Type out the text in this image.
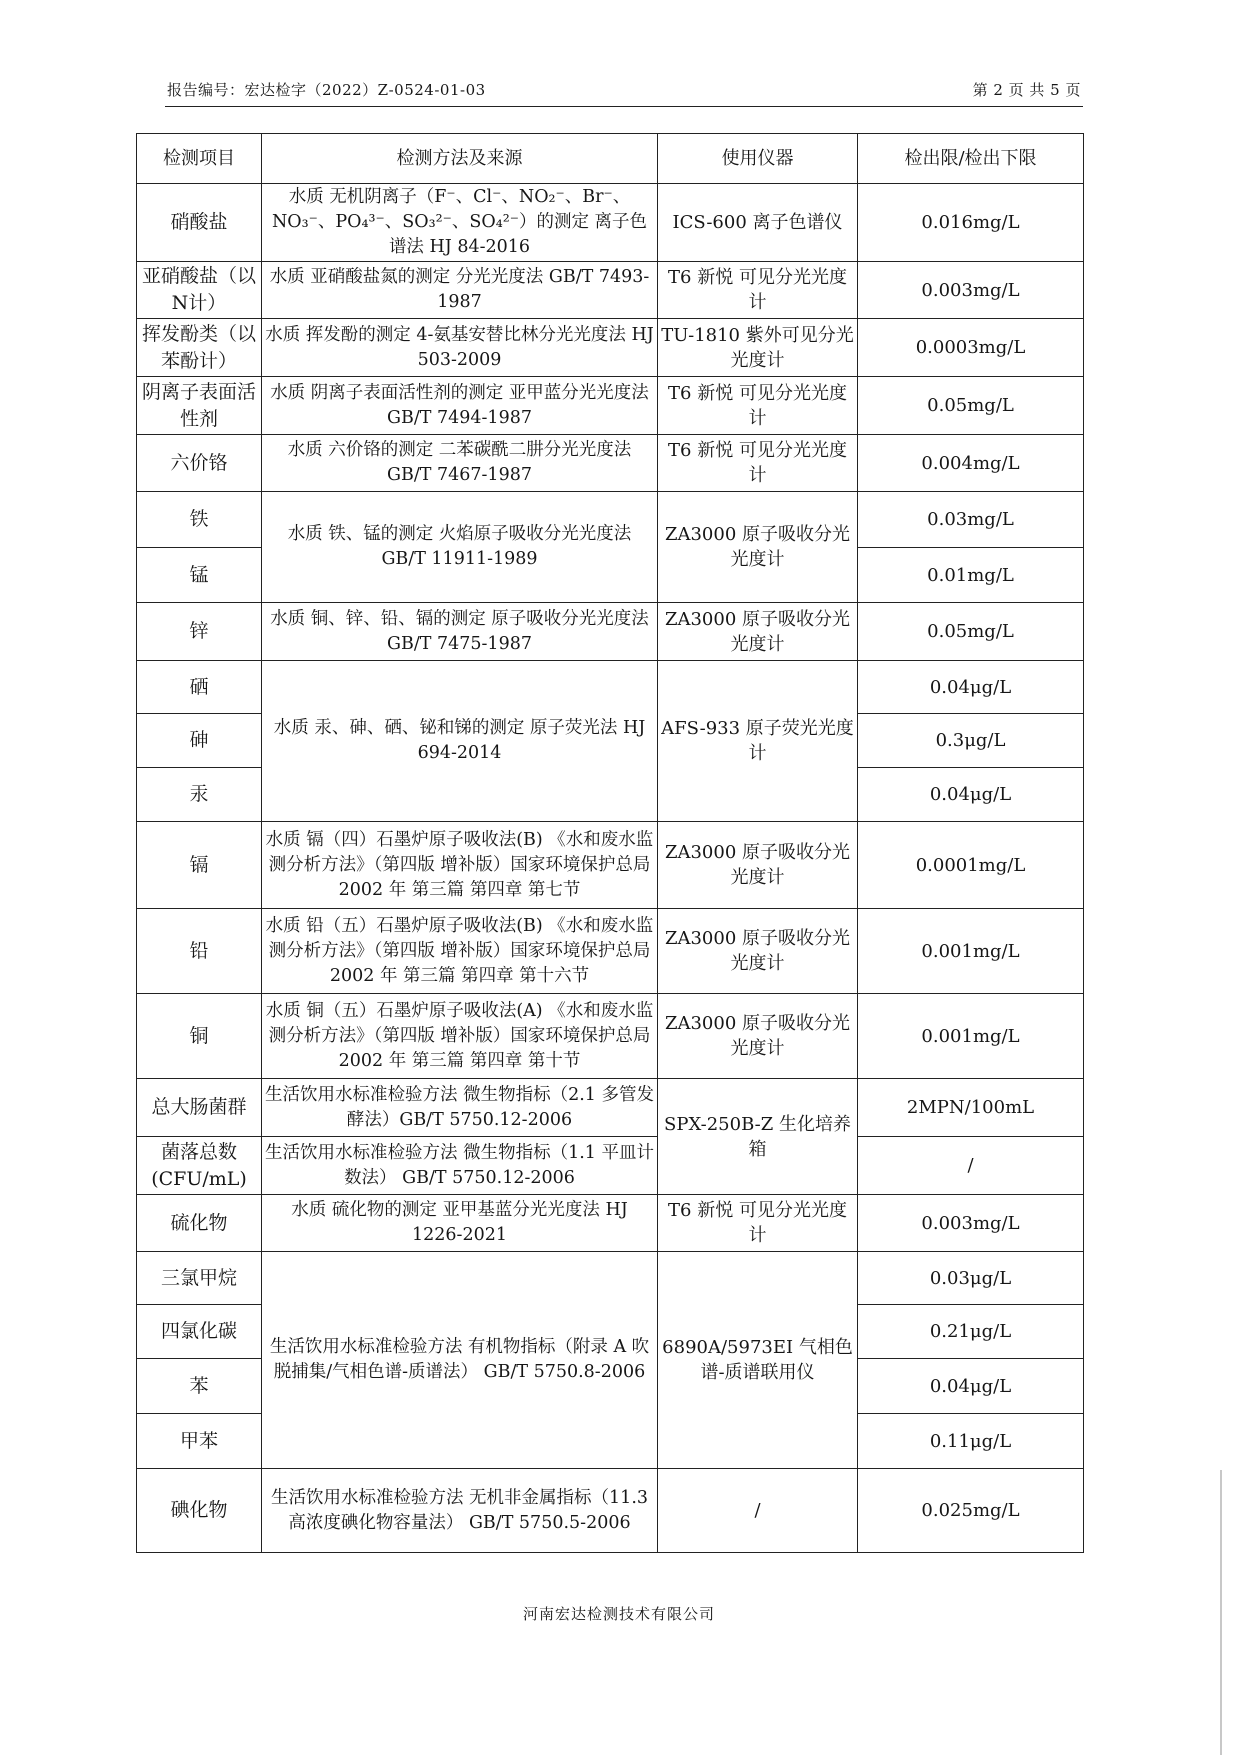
报告编号：宏达检字（2022）Z-0524-01-03	第 2 页 共 5 页
检测项目	检测方法及来源	使用仪器	检出限/检出下限
硝酸盐	水质 无机阴离子（F⁻、Cl⁻、NO₂⁻、Br⁻、NO₃⁻、PO₄³⁻、SO₃²⁻、SO₄²⁻）的测定 离子色谱法 HJ 84-2016	ICS-600 离子色谱仪	0.016mg/L
亚硝酸盐（以N计）	水质 亚硝酸盐氮的测定 分光光度法 GB/T 7493-1987	T6 新悦 可见分光光度计	0.003mg/L
挥发酚类（以苯酚计）	水质 挥发酚的测定 4-氨基安替比林分光光度法 HJ 503-2009	TU-1810 紫外可见分光光度计	0.0003mg/L
阴离子表面活性剂	水质 阴离子表面活性剂的测定 亚甲蓝分光光度法 GB/T 7494-1987	T6 新悦 可见分光光度计	0.05mg/L
六价铬	水质 六价铬的测定 二苯碳酰二肼分光光度法 GB/T 7467-1987	T6 新悦 可见分光光度计	0.004mg/L
铁	水质 铁、锰的测定 火焰原子吸收分光光度法 GB/T 11911-1989	ZA3000 原子吸收分光光度计	0.03mg/L
锰			0.01mg/L
锌	水质 铜、锌、铅、镉的测定 原子吸收分光光度法 GB/T 7475-1987	ZA3000 原子吸收分光光度计	0.05mg/L
硒	水质 汞、砷、硒、铋和锑的测定 原子荧光法 HJ 694-2014	AFS-933 原子荧光光度计	0.04μg/L
砷			0.3μg/L
汞			0.04μg/L
镉	水质 镉（四）石墨炉原子吸收法(B) 《水和废水监测分析方法》（第四版 增补版）国家环境保护总局 2002 年 第三篇 第四章 第七节	ZA3000 原子吸收分光光度计	0.0001mg/L
铅	水质 铅（五）石墨炉原子吸收法(B) 《水和废水监测分析方法》（第四版 增补版）国家环境保护总局 2002 年 第三篇 第四章 第十六节	ZA3000 原子吸收分光光度计	0.001mg/L
铜	水质 铜（五）石墨炉原子吸收法(A) 《水和废水监测分析方法》（第四版 增补版）国家环境保护总局 2002 年 第三篇 第四章 第十节	ZA3000 原子吸收分光光度计	0.001mg/L
总大肠菌群	生活饮用水标准检验方法 微生物指标（2.1 多管发酵法）GB/T 5750.12-2006	SPX-250B-Z 生化培养箱	2MPN/100mL
菌落总数(CFU/mL)	生活饮用水标准检验方法 微生物指标（1.1 平皿计数法） GB/T 5750.12-2006		/
硫化物	水质 硫化物的测定 亚甲基蓝分光光度法 HJ 1226-2021	T6 新悦 可见分光光度计	0.003mg/L
三氯甲烷	生活饮用水标准检验方法 有机物指标（附录 A 吹脱捕集/气相色谱-质谱法） GB/T 5750.8-2006	6890A/5973EI 气相色谱-质谱联用仪	0.03μg/L
四氯化碳			0.21μg/L
苯			0.04μg/L
甲苯			0.11μg/L
碘化物	生活饮用水标准检验方法 无机非金属指标（11.3 高浓度碘化物容量法） GB/T 5750.5-2006	/	0.025mg/L
河南宏达检测技术有限公司
